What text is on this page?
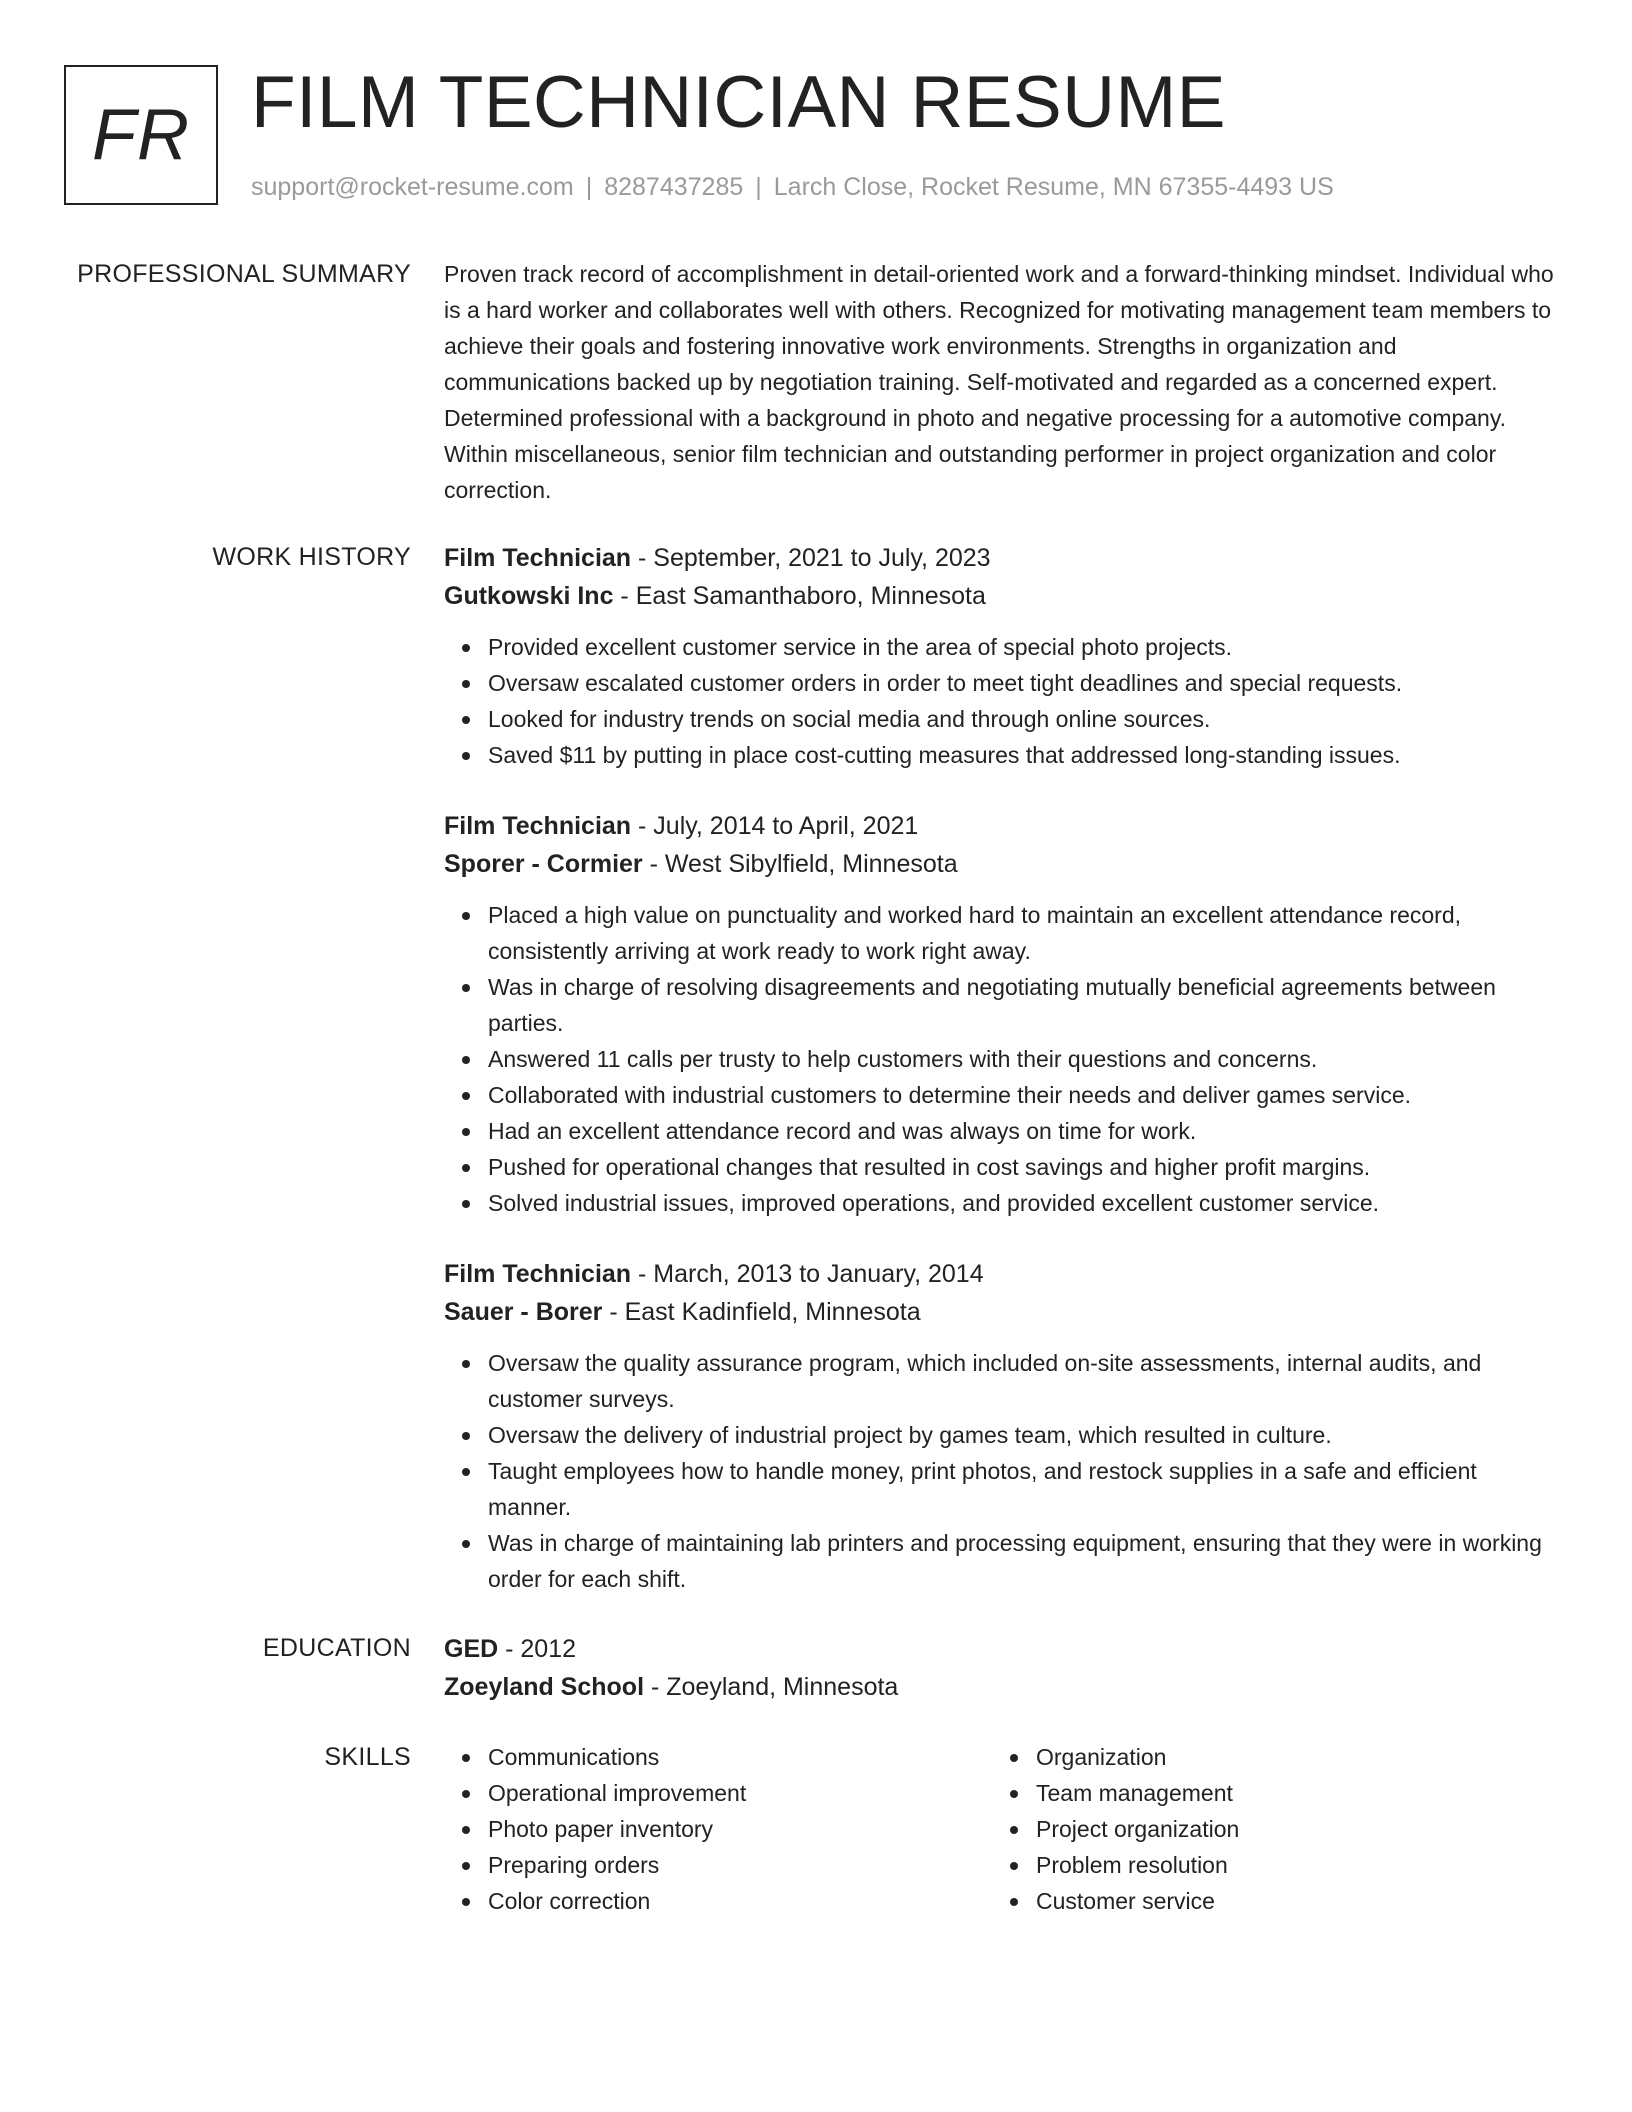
FR FILM TECHNICIAN RESUME
support@rocket-resume.com | 8287437285 | Larch Close, Rocket Resume, MN 67355-4493 US
PROFESSIONAL SUMMARY Proven track record of accomplishment in detail-oriented work and a forward-thinking mindset. Individual who is a hard worker and collaborates well with others. Recognized for motivating management team members to achieve their goals and fostering innovative work environments. Strengths in organization and communications backed up by negotiation training. Self-motivated and regarded as a concerned expert. Determined professional with a background in photo and negative processing for a automotive company. Within miscellaneous, senior film technician and outstanding performer in project organization and color correction.

WORK HISTORY Film Technician - September, 2021 to July, 2023

Gutkowski Inc - East Samanthaboro, Minnesota

Provided excellent customer service in the area of special photo projects.
Oversaw escalated customer orders in order to meet tight deadlines and special requests.
Looked for industry trends on social media and through online sources.
Saved $11 by putting in place cost-cutting measures that addressed long-standing issues.

Film Technician - July, 2014 to April, 2021

Sporer - Cormier - West Sibylfield, Minnesota

Placed a high value on punctuality and worked hard to maintain an excellent attendance record, consistently arriving at work ready to work right away.
Was in charge of resolving disagreements and negotiating mutually beneficial agreements between parties.
Answered 11 calls per trusty to help customers with their questions and concerns.
Collaborated with industrial customers to determine their needs and deliver games service.
Had an excellent attendance record and was always on time for work.
Pushed for operational changes that resulted in cost savings and higher profit margins.
Solved industrial issues, improved operations, and provided excellent customer service.

Film Technician - March, 2013 to January, 2014

Sauer - Borer - East Kadinfield, Minnesota

Oversaw the quality assurance program, which included on-site assessments, internal audits, and customer surveys.
Oversaw the delivery of industrial project by games team, which resulted in culture.
Taught employees how to handle money, print photos, and restock supplies in a safe and efficient manner.
Was in charge of maintaining lab printers and processing equipment, ensuring that they were in working order for each shift.
EDUCATION GED - 2012

Zoeyland School - Zoeyland, Minnesota

SKILLS	Communications
Operational improvement
Photo paper inventory
Preparing orders
Color correction
Organization
Team management
Project organization
Problem resolution
Customer service
